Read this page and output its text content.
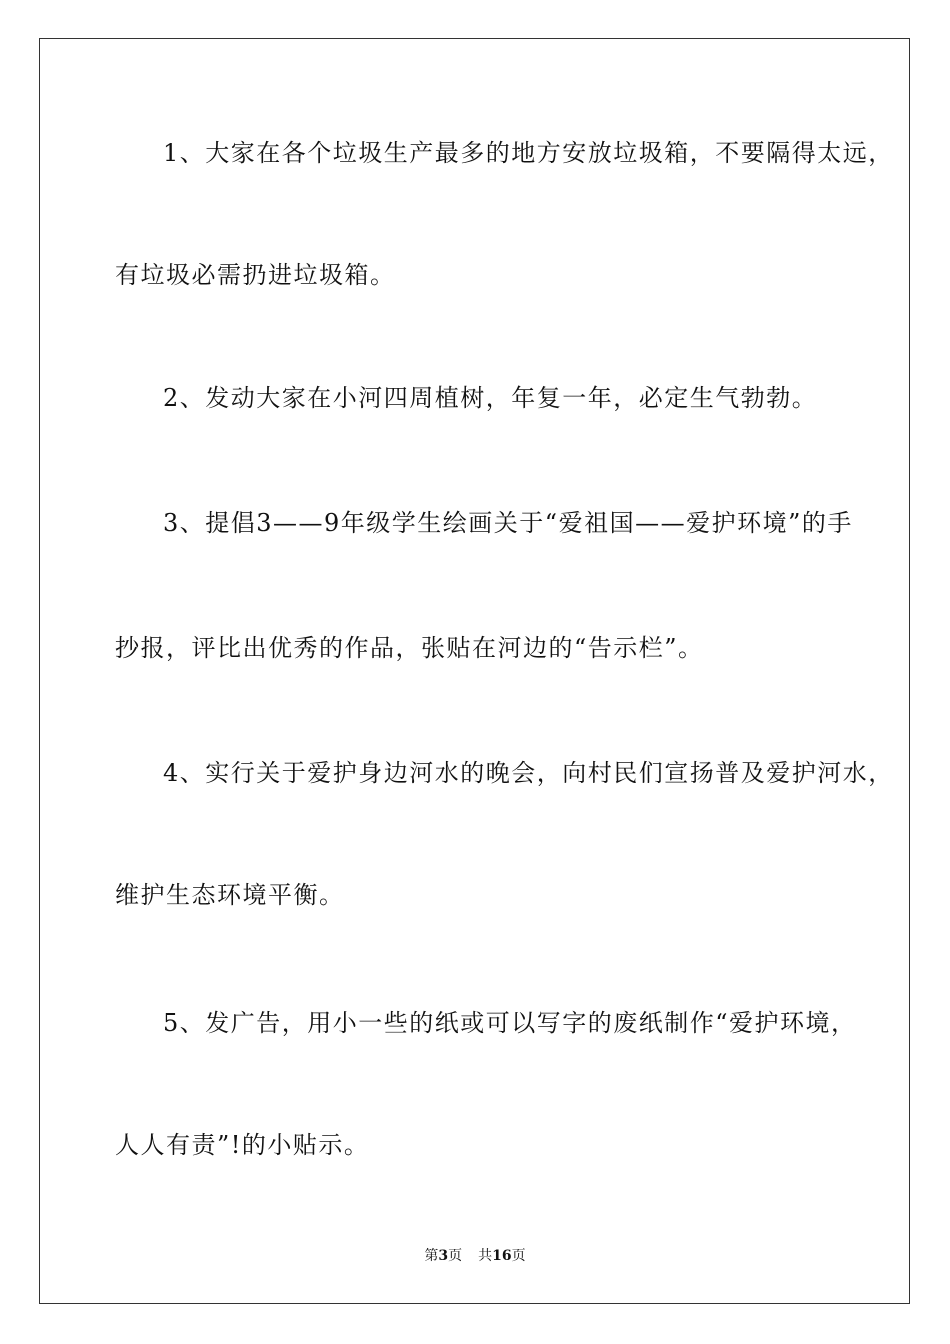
1、大家在各个垃圾生产最多的地方安放垃圾箱，不要隔得太远，
有垃圾必需扔进垃圾箱。
2、发动大家在小河四周植树，年复一年，必定生气勃勃。
3、提倡3——9年级学生绘画关于“爱祖国——爱护环境”的手
抄报，评比出优秀的作品，张贴在河边的“告示栏”。
4、实行关于爱护身边河水的晚会，向村民们宣扬普及爱护河水，
维护生态环境平衡。
5、发广告，用小一些的纸或可以写字的废纸制作“爱护环境，
人人有责”!的小贴示。
第3页 共16页
